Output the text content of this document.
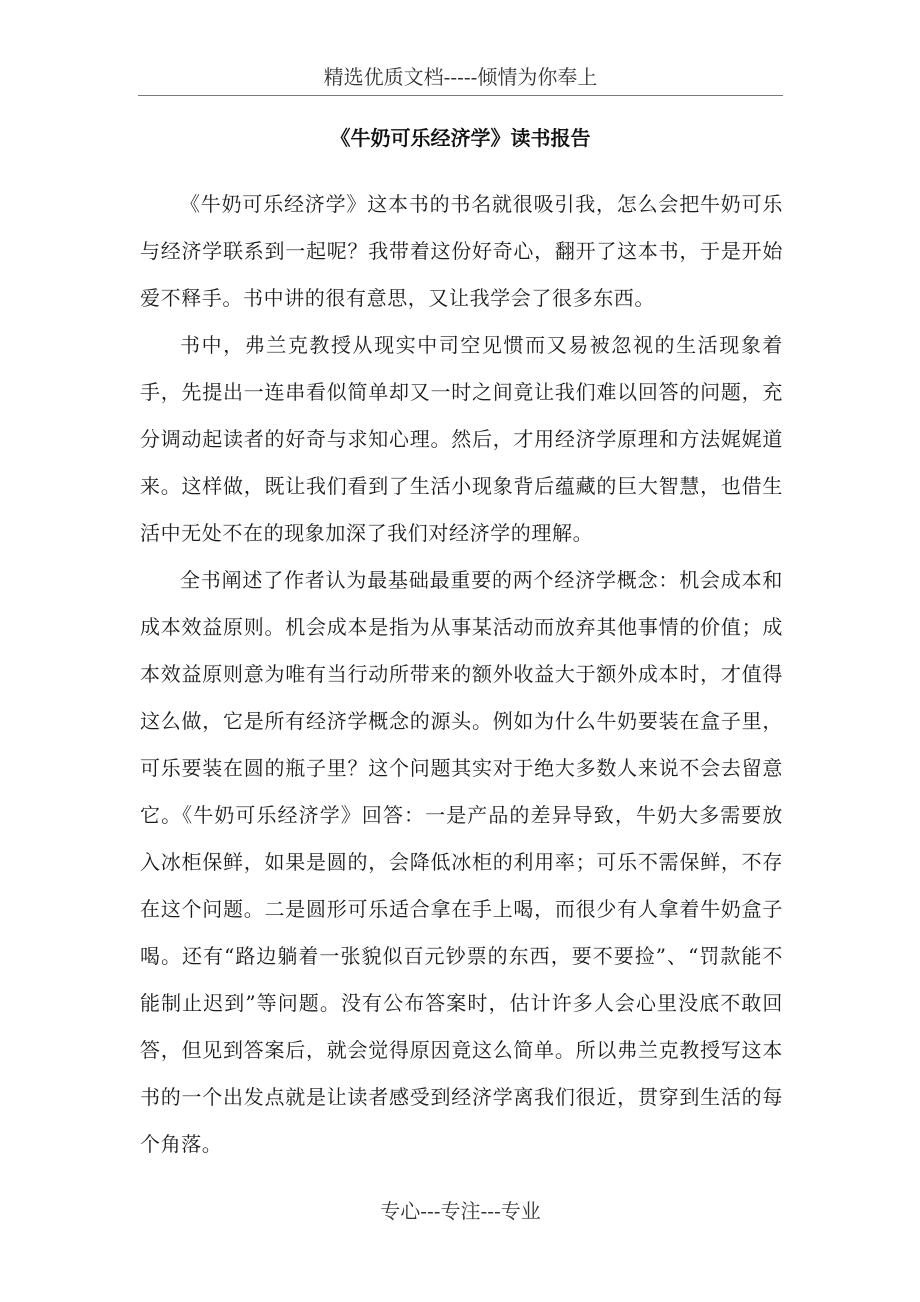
精选优质文档-----倾情为你奉上
《牛奶可乐经济学》读书报告

《牛奶可乐经济学》这本书的书名就很吸引我，怎么会把牛奶可乐与经济学联系到一起呢？我带着这份好奇心，翻开了这本书，于是开始爱不释手。书中讲的很有意思，又让我学会了很多东西。

书中，弗兰克教授从现实中司空见惯而又易被忽视的生活现象着手，先提出一连串看似简单却又一时之间竟让我们难以回答的问题，充分调动起读者的好奇与求知心理。然后，才用经济学原理和方法娓娓道来。这样做，既让我们看到了生活小现象背后蕴藏的巨大智慧，也借生活中无处不在的现象加深了我们对经济学的理解。

全书阐述了作者认为最基础最重要的两个经济学概念：机会成本和成本效益原则。机会成本是指为从事某活动而放弃其他事情的价值；成本效益原则意为唯有当行动所带来的额外收益大于额外成本时，才值得这么做，它是所有经济学概念的源头。例如为什么牛奶要装在盒子里，可乐要装在圆的瓶子里？这个问题其实对于绝大多数人来说不会去留意它。《牛奶可乐经济学》回答：一是产品的差异导致，牛奶大多需要放入冰柜保鲜，如果是圆的，会降低冰柜的利用率；可乐不需保鲜，不存在这个问题。二是圆形可乐适合拿在手上喝，而很少有人拿着牛奶盒子喝。还有“路边躺着一张貌似百元钞票的东西，要不要捡”、“罚款能不能制止迟到”等问题。没有公布答案时，估计许多人会心里没底不敢回答，但见到答案后，就会觉得原因竟这么简单。所以弗兰克教授写这本书的一个出发点就是让读者感受到经济学离我们很近，贯穿到生活的每个角落。

专心---专注---专业
